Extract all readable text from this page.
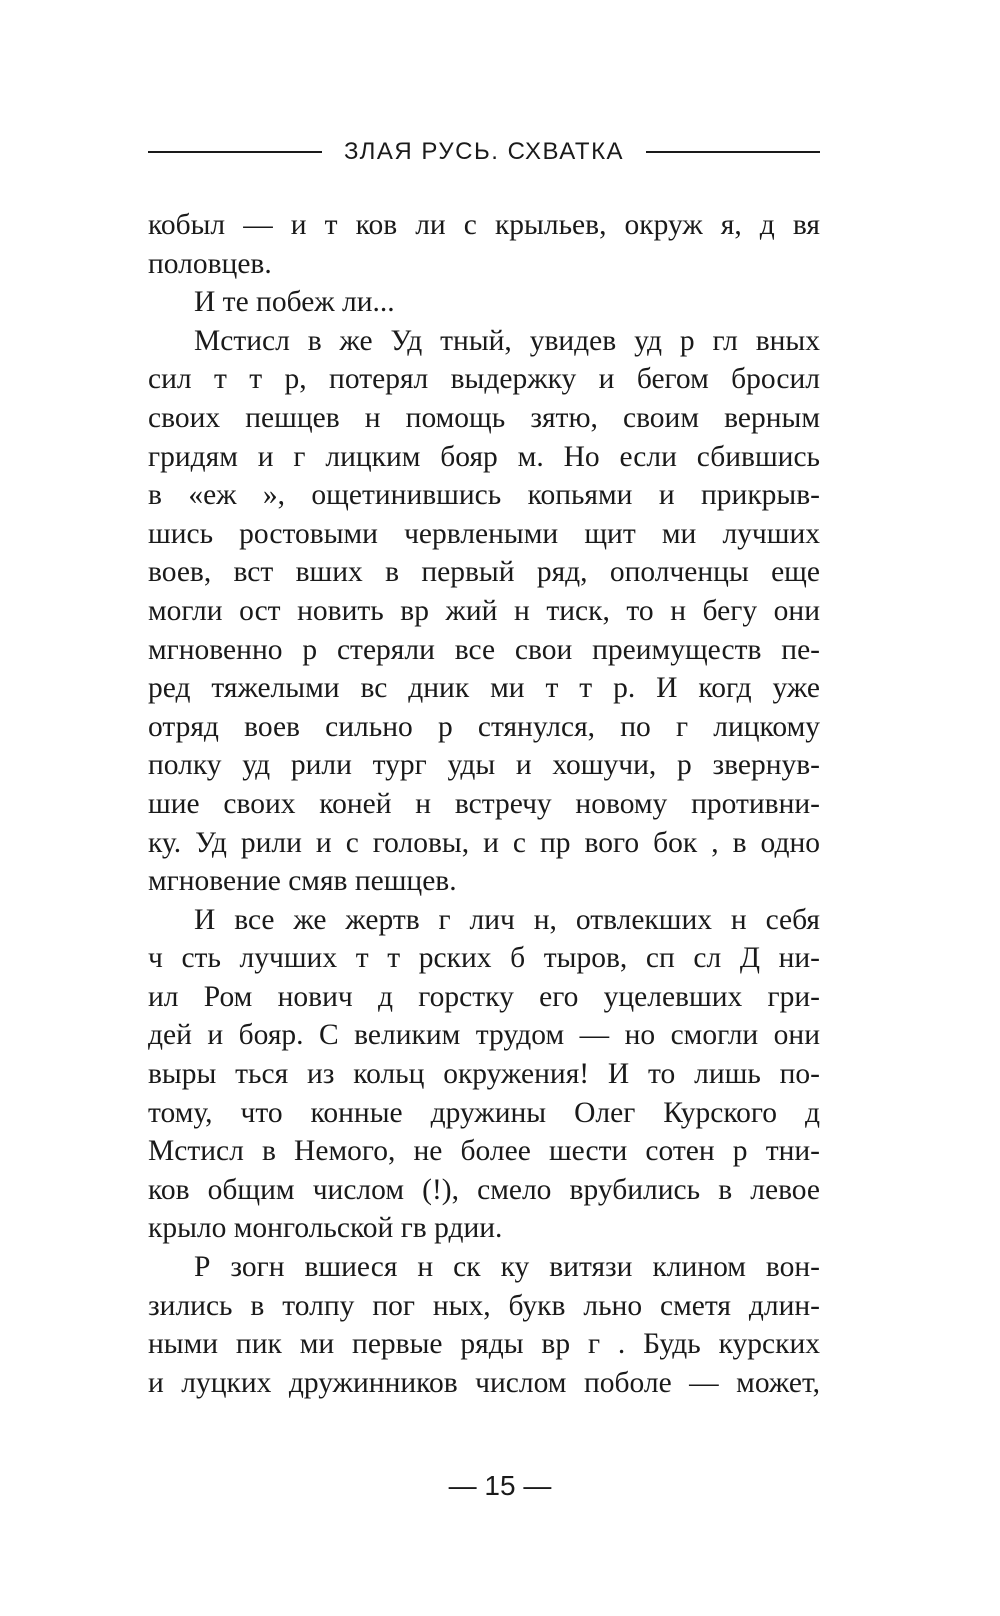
ЗЛАЯ РУСЬ. СХВАТКА
кобыл — и т ков ли с крыльев, окруж я, д вя
половцев.
И те побеж ли...
Мстисл в же Уд тный, увидев уд р гл вных
сил т т р, потерял выдержку и бегом бросил
своих пешцев н помощь зятю, своим верным
гридям и г лицким бояр м. Но если сбившись
в «еж », ощетинившись копьями и прикрыв-
шись ростовыми червлеными щит ми лучших
воев, вст вших в первый ряд, ополченцы еще
могли ост новить вр жий н тиск, то н бегу они
мгновенно р стеряли все свои преимуществ пе-
ред тяжелыми вс дник ми т т р. И когд уже
отряд воев сильно р стянулся, по г лицкому
полку уд рили тург уды и хошучи, р звернув-
шие своих коней н встречу новому противни-
ку. Уд рили и с головы, и с пр вого бок , в одно
мгновение смяв пешцев.
И все же жертв г лич н, отвлекших н себя
ч сть лучших т т рских б тыров, сп сл Д ни-
ил Ром нович д горстку его уцелевших гри-
дей и бояр. С великим трудом — но смогли они
выры ться из кольц окружения! И то лишь по-
тому, что конные дружины Олег Курского д
Мстисл в Немого, не более шести сотен р тни-
ков общим числом (!), смело врубились в левое
крыло монгольской гв рдии.
Р зогн вшиеся н ск ку витязи клином вон-
зились в толпу пог ных, букв льно сметя длин-
ными пик ми первые ряды вр г . Будь курских
и луцких дружинников числом поболе — может,
— 15 —
